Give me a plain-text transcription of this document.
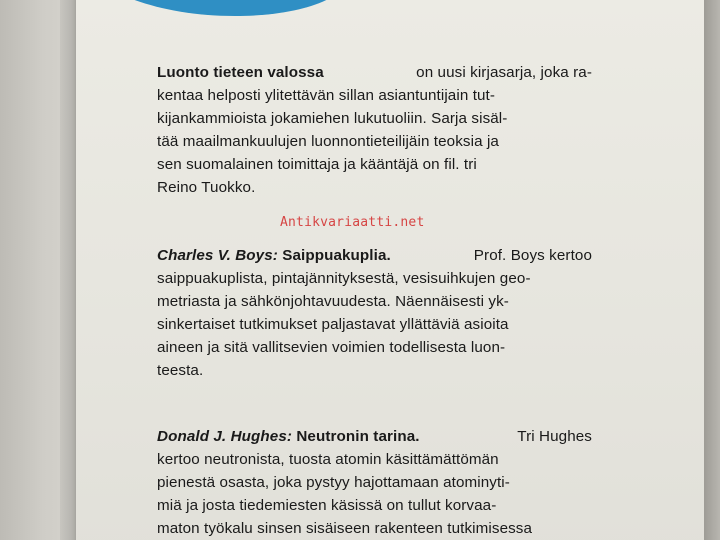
Luonto tieteen valossa	on uusi kirjasarja, joka ra-
kentaa helposti ylitettävän sillan asiantuntijain tut-
kijankammioista jokamiehen lukutuoliin. Sarja sisäl-
tää maailmankuulujen luonnontieteilijäin teoksia ja
sen suomalainen toimittaja ja kääntäjä on fil. tri
Reino Tuokko.
Charles V. Boys: Saippuakuplia.	Prof. Boys kertoo
saippuakuplista, pintajännityksestä, vesisuihkujen geo-
metriasta ja sähkönjohtavuudesta. Näennäisesti yk-
sinkertaiset tutkimukset paljastavat yllättäviä asioita
aineen ja sitä vallitsevien voimien todellisesta luon-
teesta.
Donald J. Hughes: Neutronin tarina.	Tri Hughes
kertoo neutronista, tuosta atomin käsittämättömän
pienestä osasta, joka pystyy hajottamaan atominyti-
miä ja josta tiedemiesten käsissä on tullut korvaa-
maton työkalu sinsen sisäiseen rakenteen tutkimisessa
Antikvariaatti.net
